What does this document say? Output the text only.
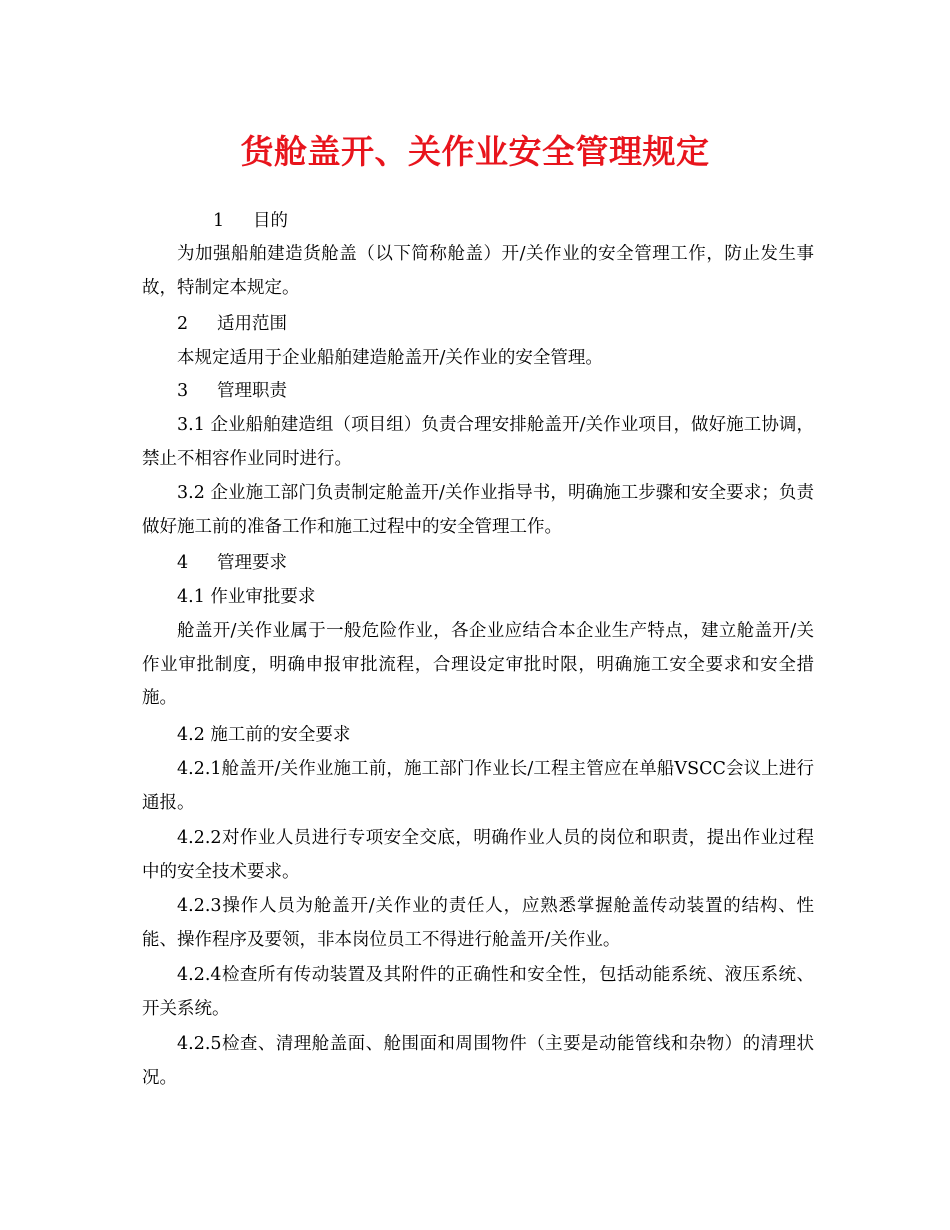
货舱盖开、关作业安全管理规定
1 目的
为加强船舶建造货舱盖（以下简称舱盖）开/关作业的安全管理工作，防止发生事故，特制定本规定。
2 适用范围
本规定适用于企业船舶建造舱盖开/关作业的安全管理。
3 管理职责
3.1 企业船舶建造组（项目组）负责合理安排舱盖开/关作业项目，做好施工协调，禁止不相容作业同时进行。
3.2 企业施工部门负责制定舱盖开/关作业指导书，明确施工步骤和安全要求；负责做好施工前的准备工作和施工过程中的安全管理工作。
4 管理要求
4.1 作业审批要求
舱盖开/关作业属于一般危险作业，各企业应结合本企业生产特点，建立舱盖开/关作业审批制度，明确申报审批流程，合理设定审批时限，明确施工安全要求和安全措施。
4.2 施工前的安全要求
4.2.1舱盖开/关作业施工前，施工部门作业长/工程主管应在单船VSCC会议上进行通报。
4.2.2对作业人员进行专项安全交底，明确作业人员的岗位和职责，提出作业过程中的安全技术要求。
4.2.3操作人员为舱盖开/关作业的责任人，应熟悉掌握舱盖传动装置的结构、性能、操作程序及要领，非本岗位员工不得进行舱盖开/关作业。
4.2.4检查所有传动装置及其附件的正确性和安全性，包括动能系统、液压系统、开关系统。
4.2.5检查、清理舱盖面、舱围面和周围物件（主要是动能管线和杂物）的清理状况。
